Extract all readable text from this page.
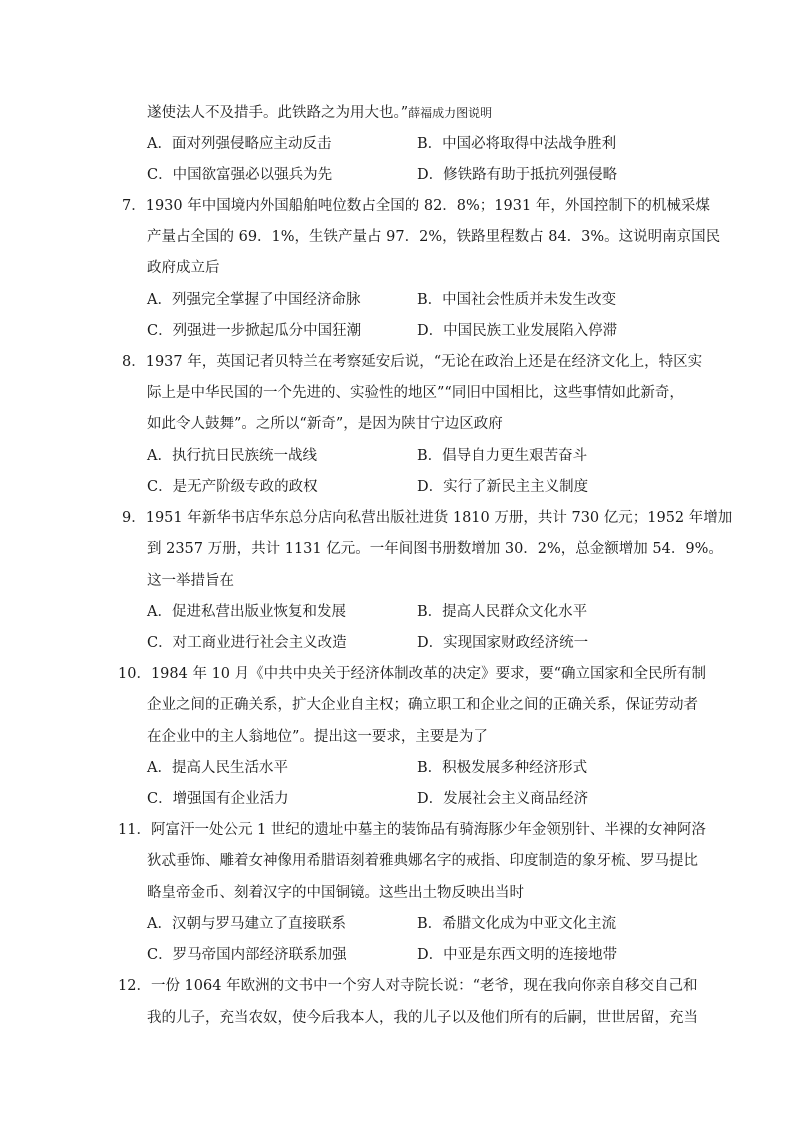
遂使法人不及措手。此铁路之为用大也。”薛福成力图说明
A．面对列强侵略应主动反击	B．中国必将取得中法战争胜利
C．中国欲富强必以强兵为先	D．修铁路有助于抵抗列强侵略
7．1930 年中国境内外国船舶吨位数占全国的 82．8%；1931 年，外国控制下的机械采煤
产量占全国的 69．1%，生铁产量占 97．2%，铁路里程数占 84．3%。这说明南京国民
政府成立后
A．列强完全掌握了中国经济命脉	B．中国社会性质并未发生改变
C．列强进一步掀起瓜分中国狂潮	D．中国民族工业发展陷入停滞
8．1937 年，英国记者贝特兰在考察延安后说，“无论在政治上还是在经济文化上，特区实
际上是中华民国的一个先进的、实验性的地区”“同旧中国相比，这些事情如此新奇，
如此令人鼓舞”。之所以“新奇”，是因为陕甘宁边区政府
A．执行抗日民族统一战线	B．倡导自力更生艰苦奋斗
C．是无产阶级专政的政权	D．实行了新民主主义制度
9．1951 年新华书店华东总分店向私营出版社进货 1810 万册，共计 730 亿元；1952 年增加
到 2357 万册，共计 1131 亿元。一年间图书册数增加 30．2%，总金额增加 54．9%。
这一举措旨在
A．促进私营出版业恢复和发展	B．提高人民群众文化水平
C．对工商业进行社会主义改造	D．实现国家财政经济统一
10．1984 年 10 月《中共中央关于经济体制改革的决定》要求，要“确立国家和全民所有制
企业之间的正确关系，扩大企业自主权；确立职工和企业之间的正确关系，保证劳动者
在企业中的主人翁地位”。提出这一要求，主要是为了
A．提高人民生活水平	B．积极发展多种经济形式
C．增强国有企业活力	D．发展社会主义商品经济
11．阿富汗一处公元 1 世纪的遗址中墓主的装饰品有骑海豚少年金领别针、半裸的女神阿洛
狄忒垂饰、雕着女神像用希腊语刻着雅典娜名字的戒指、印度制造的象牙梳、罗马提比
略皇帝金币、刻着汉字的中国铜镜。这些出土物反映出当时
A．汉朝与罗马建立了直接联系	B．希腊文化成为中亚文化主流
C．罗马帝国内部经济联系加强	D．中亚是东西文明的连接地带
12．一份 1064 年欧洲的文书中一个穷人对寺院长说：“老爷，现在我向你亲自移交自己和
我的儿子，充当农奴，使今后我本人，我的儿子以及他们所有的后嗣，世世居留，充当
